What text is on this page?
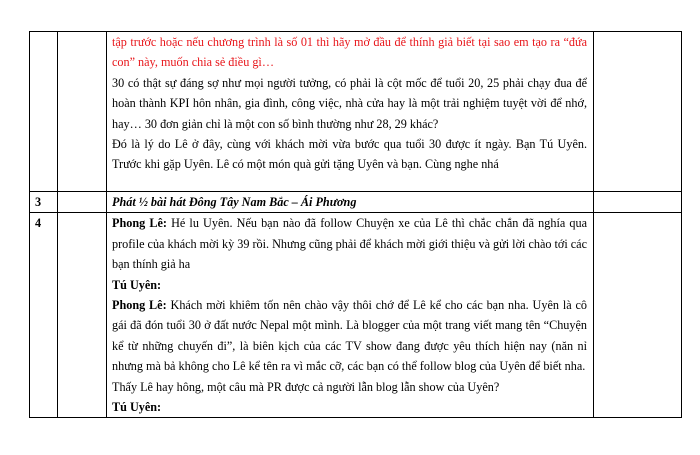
		tập trước hoặc nếu chương trình là số 01 thì hãy mở đầu để thính giả biết tại sao em tạo ra “đứa con” này, muốn chia sẻ điều gì…

30 có thật sự đáng sợ như mọi người tưởng, có phải là cột mốc để tuổi 20, 25 phải chạy đua để hoàn thành KPI hôn nhân, gia đình, công việc, nhà cửa hay là một trải nghiệm tuyệt vời để nhớ, hay… 30 đơn giản chỉ là một con số bình thường như 28, 29 khác?

Đó là lý do Lê ở đây, cùng với khách mời vừa bước qua tuổi 30 được ít ngày. Bạn Tú Uyên. Trước khi gặp Uyên. Lê có một món quà gửi tặng Uyên và bạn. Cùng nghe nhá	

3		Phát ½ bài hát Đông Tây Nam Bắc – Ái Phương	

4		Phong Lê: Hé lu Uyên. Nếu bạn nào đã follow Chuyện xe của Lê thì chắc chắn đã nghía qua profile của khách mời kỳ 39 rồi. Nhưng cũng phải để khách mời giới thiệu và gửi lời chào tới các bạn thính giả ha

Tú Uyên:

Phong Lê: Khách mời khiêm tốn nên chào vậy thôi chớ để Lê kể cho các bạn nha. Uyên là cô gái đã đón tuổi 30 ở đất nước Nepal một mình. Là blogger của một trang viết mang tên “Chuyện kể từ những chuyến đi”, là biên kịch của các TV show đang được yêu thích hiện nay (năn nỉ nhưng mà bả không cho Lê kể tên ra vì mắc cỡ, các bạn có thể follow blog của Uyên để biết nha.

Thấy Lê hay hông, một câu mà PR được cả người lẫn blog lẫn show của Uyên?

Tú Uyên:	
